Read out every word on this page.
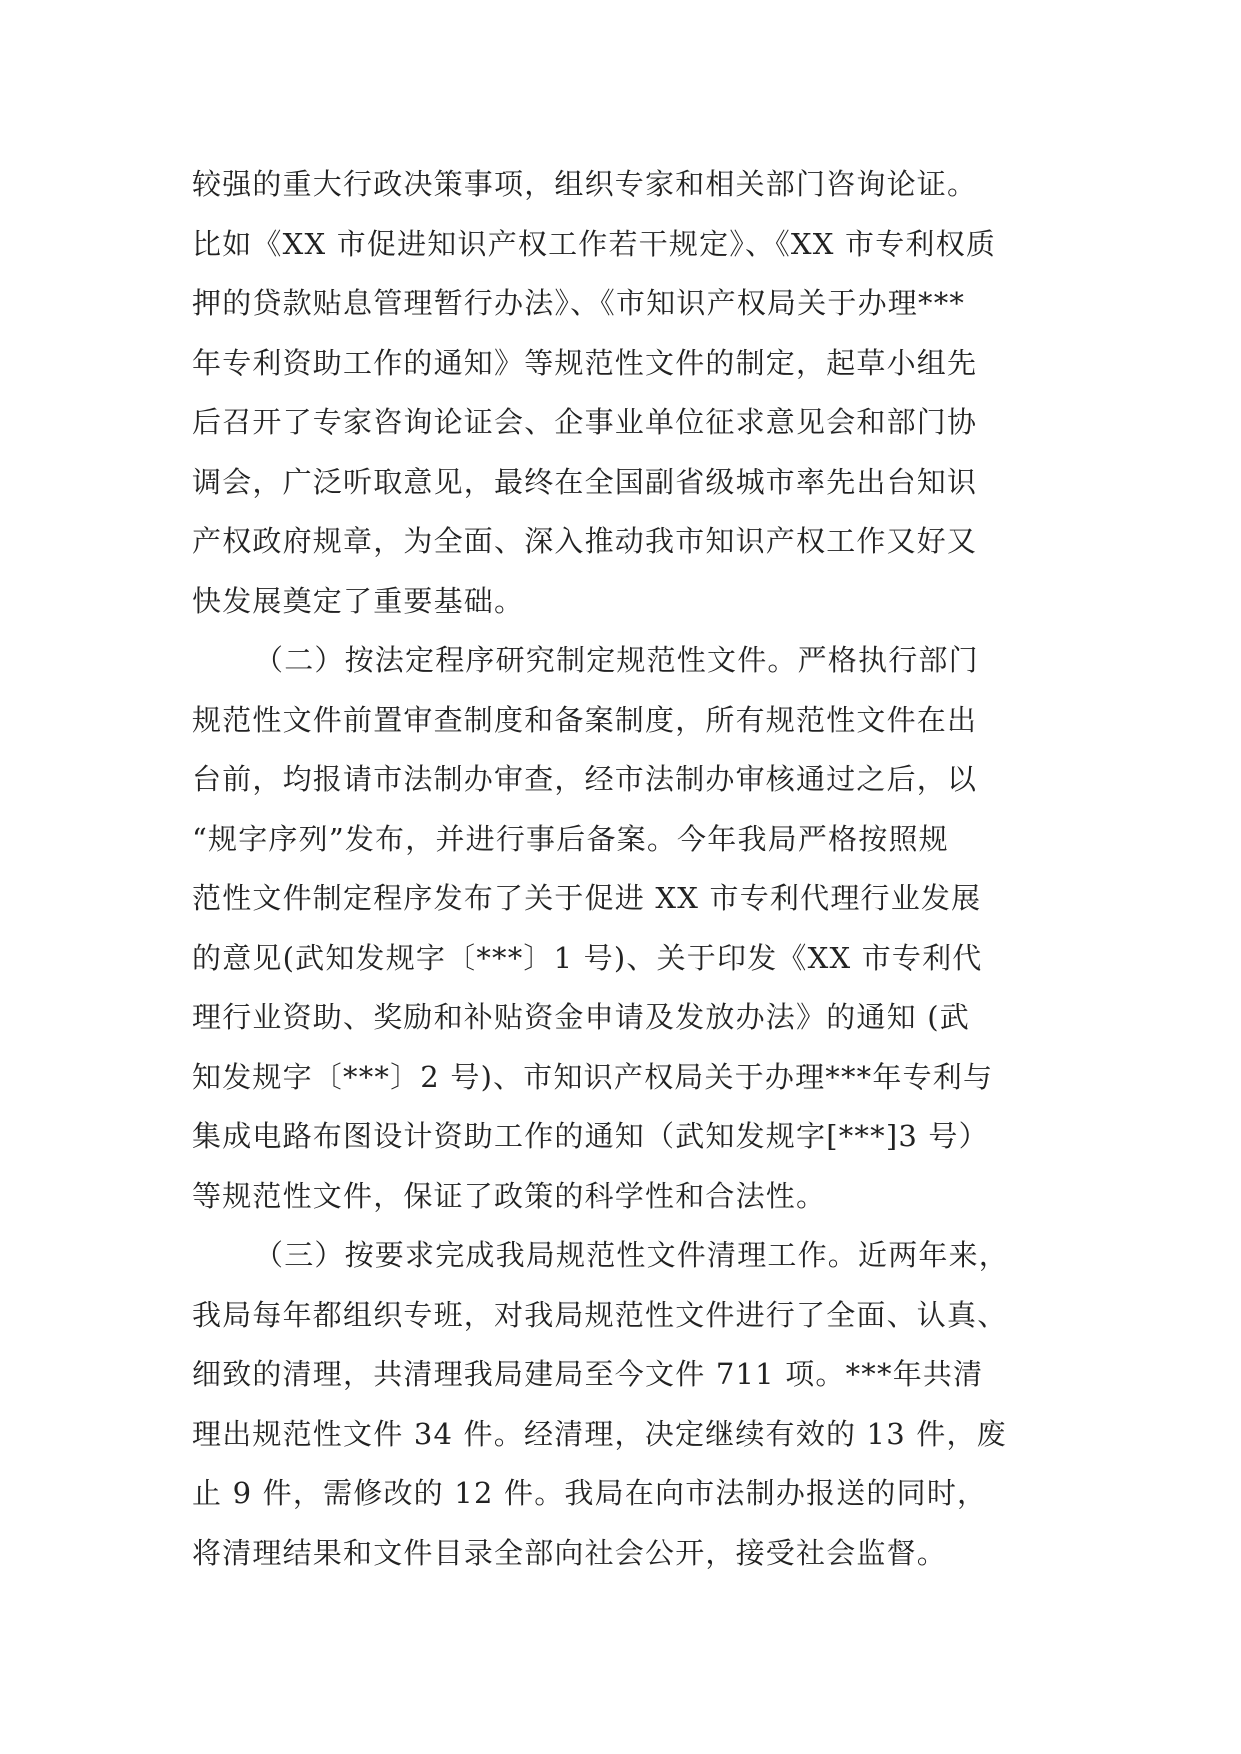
较强的重大行政决策事项，组织专家和相关部门咨询论证。
比如《XX 市促进知识产权工作若干规定》、《XX 市专利权质
押的贷款贴息管理暂行办法》、《市知识产权局关于办理***
年专利资助工作的通知》等规范性文件的制定，起草小组先
后召开了专家咨询论证会、企事业单位征求意见会和部门协
调会，广泛听取意见，最终在全国副省级城市率先出台知识
产权政府规章，为全面、深入推动我市知识产权工作又好又
快发展奠定了重要基础。
（二）按法定程序研究制定规范性文件。严格执行部门
规范性文件前置审查制度和备案制度，所有规范性文件在出
台前，均报请市法制办审查，经市法制办审核通过之后，以
“规字序列”发布，并进行事后备案。今年我局严格按照规
范性文件制定程序发布了关于促进 XX 市专利代理行业发展
的意见(武知发规字〔***〕1 号)、关于印发《XX 市专利代
理行业资助、奖励和补贴资金申请及发放办法》的通知 (武
知发规字〔***〕2 号)、市知识产权局关于办理***年专利与
集成电路布图设计资助工作的通知（武知发规字[***]3 号）
等规范性文件，保证了政策的科学性和合法性。
（三）按要求完成我局规范性文件清理工作。近两年来，
我局每年都组织专班，对我局规范性文件进行了全面、认真、
细致的清理，共清理我局建局至今文件 711 项。***年共清
理出规范性文件 34 件。经清理，决定继续有效的 13 件，废
止 9 件，需修改的 12 件。我局在向市法制办报送的同时，
将清理结果和文件目录全部向社会公开，接受社会监督。
